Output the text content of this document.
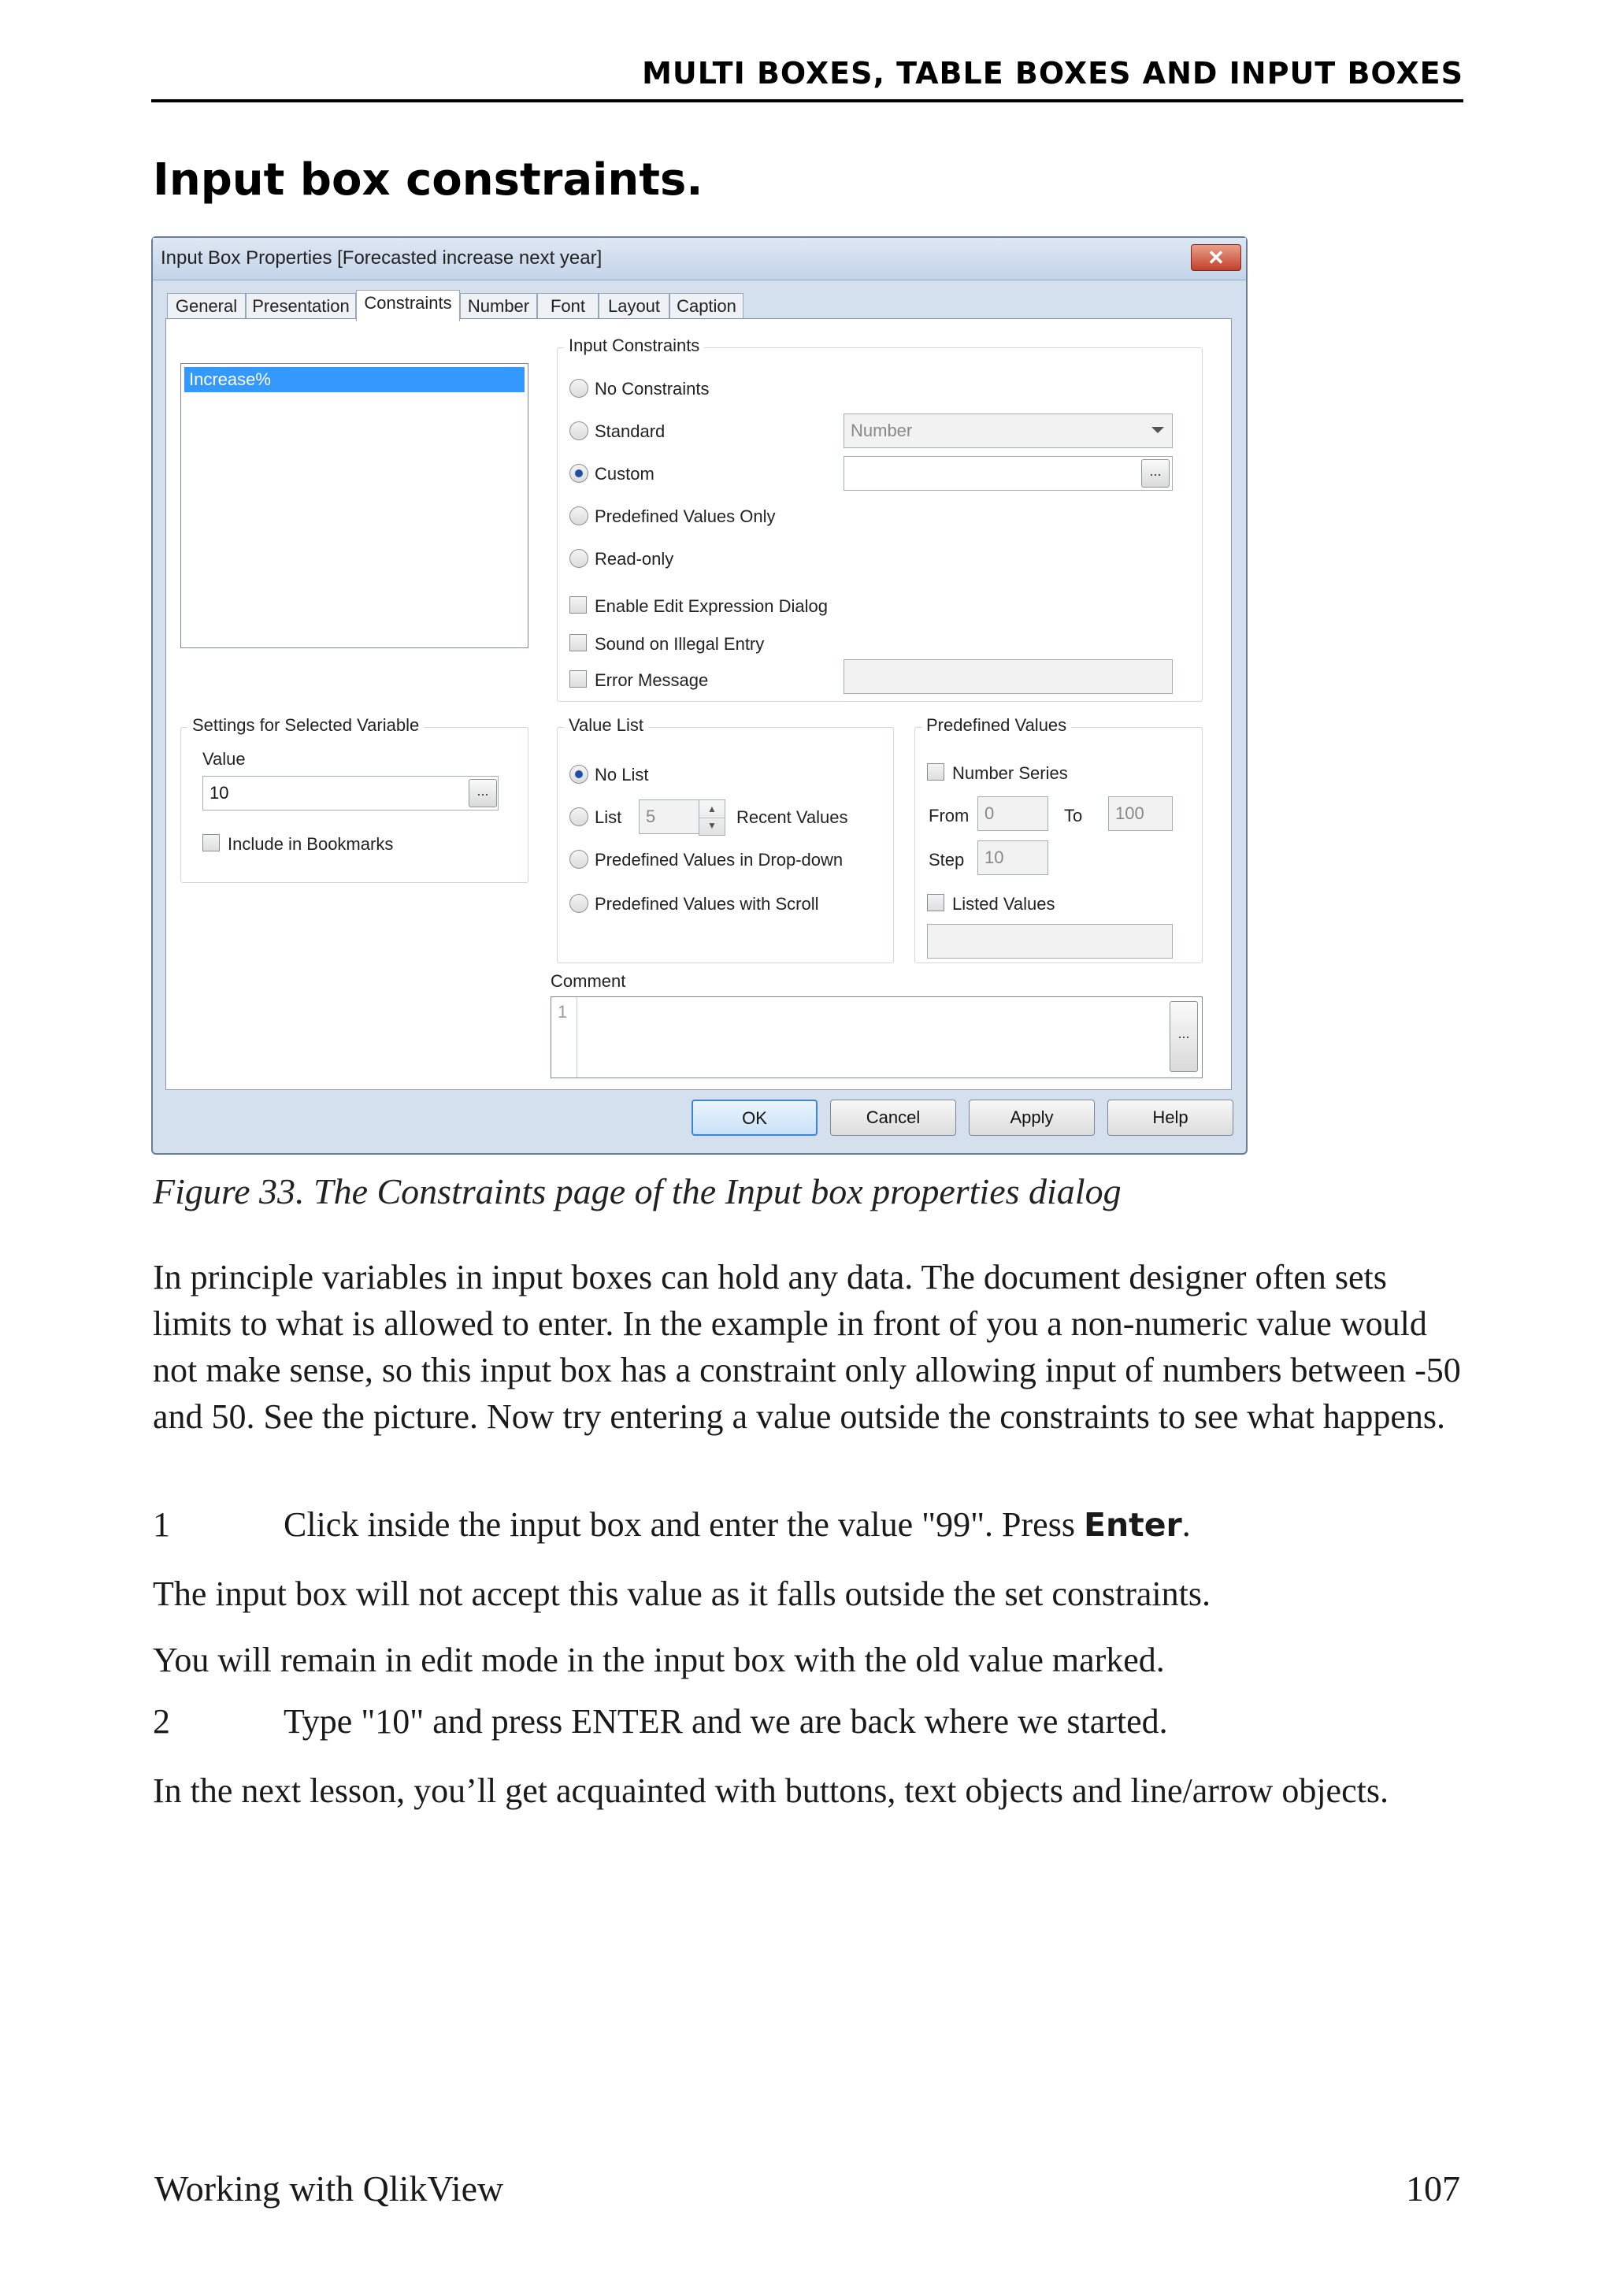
MULTI BOXES, TABLE BOXES AND INPUT BOXES
Input box constraints.
Input Box Properties [Forecasted increase next year]	✕
General Presentation Constraints Number	Font	Layout Caption
Increase%
Input Constraints
No Constraints
Standard	Number
Custom	...
Predefined Values Only
Read-only
Enable Edit Expression Dialog
Sound on Illegal Entry
Error Message
Settings for Selected Variable
Value
10	...
Include in Bookmarks
Value List
No List
List	5	▲
▼	Recent Values
Predefined Values in Drop-down
Predefined Values with Scroll
Predefined Values
Number Series
From 0	To	100
Step	10
Listed Values
Comment
1
...
OK	Cancel	Apply	Help
Figure 33. The Constraints page of the Input box properties dialog
In principle variables in input boxes can hold any data. The document designer often sets limits to what is allowed to enter. In the example in front of you a non-numeric value would not make sense, so this input box has a constraint only allowing input of numbers between -50 and 50. See the picture. Now try entering a value outside the constraints to see what happens.
1	Click inside the input box and enter the value "99". Press Enter.
The input box will not accept this value as it falls outside the set constraints.
You will remain in edit mode in the input box with the old value marked.
2	Type "10" and press ENTER and we are back where we started.
In the next lesson, you’ll get acquainted with buttons, text objects and line/arrow objects.
Working with QlikView	107
